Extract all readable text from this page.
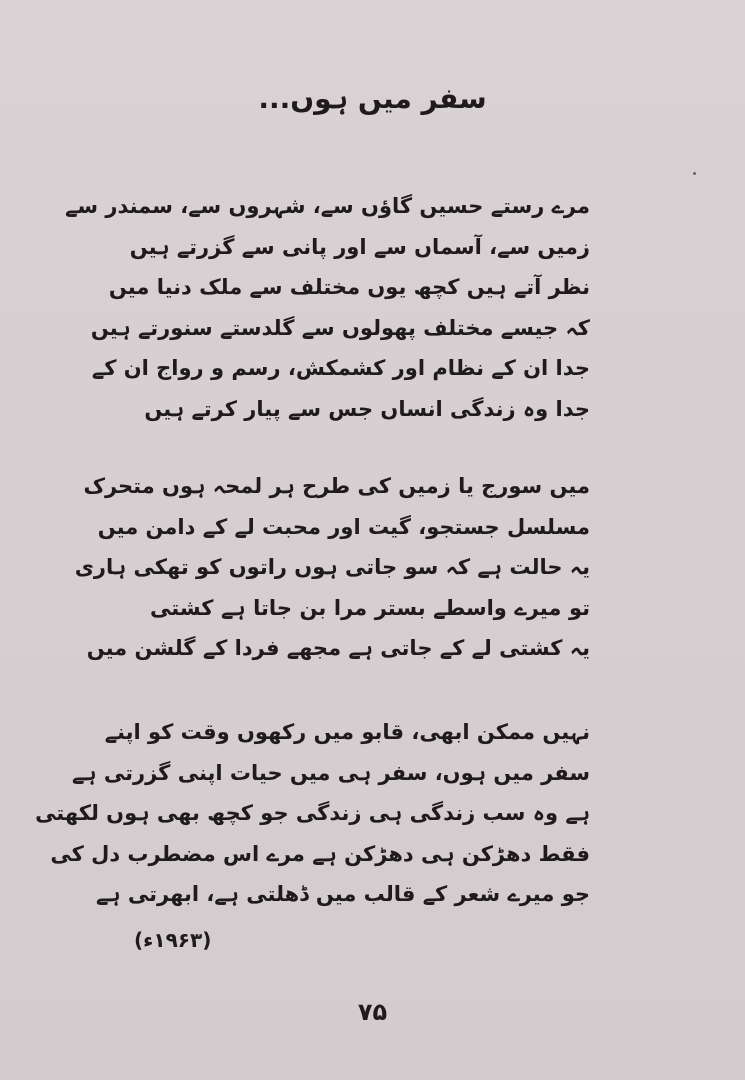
سفر میں ہوں...
مرے رستے حسیں گاؤں سے، شہروں سے، سمندر سے
زمیں سے، آسماں سے اور پانی سے گزرتے ہیں
نظر آتے ہیں کچھ یوں مختلف سے ملک دنیا میں
کہ جیسے مختلف پھولوں سے گلدستے سنورتے ہیں
جدا ان کے نظام اور کشمکش، رسم و رواج ان کے
جدا وہ زندگی انساں جس سے پیار کرتے ہیں
میں سورج یا زمیں کی طرح ہر لمحہ ہوں متحرک
مسلسل جستجو، گیت اور محبت لے کے دامن میں
یہ حالت ہے کہ سو جاتی ہوں راتوں کو تھکی ہاری
تو میرے واسطے بستر مرا بن جاتا ہے کشتی
یہ کشتی لے کے جاتی ہے مجھے فردا کے گلشن میں
نہیں ممکن ابھی، قابو میں رکھوں وقت کو اپنے
سفر میں ہوں، سفر ہی میں حیات اپنی گزرتی ہے
ہے وہ سب زندگی ہی زندگی جو کچھ بھی ہوں لکھتی
فقط دھڑکن ہی دھڑکن ہے مرے اس مضطرب دل کی
جو میرے شعر کے قالب میں ڈھلتی ہے، ابھرتی ہے
(۱۹۶۳ء)
۷۵
